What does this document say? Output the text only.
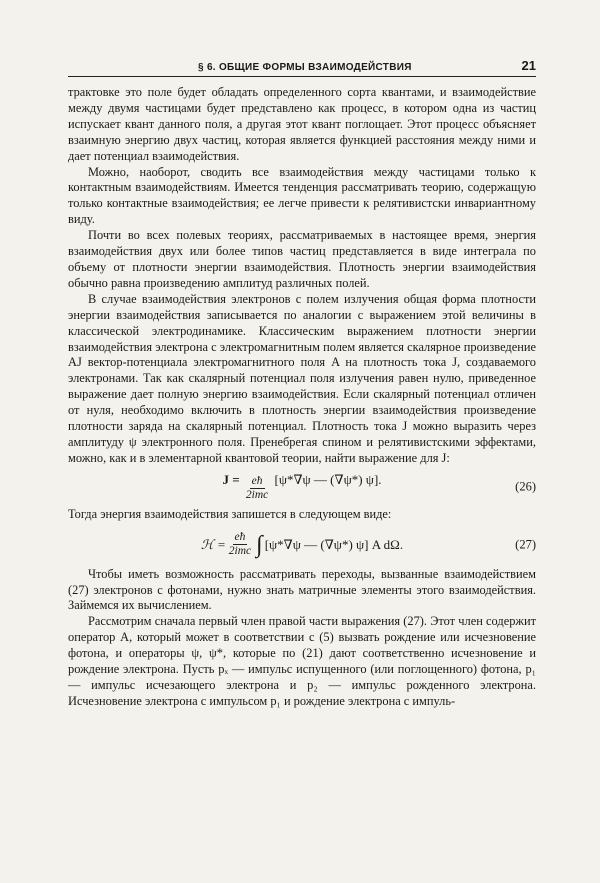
§ 6. ОБЩИЕ ФОРМЫ ВЗАИМОДЕЙСТВИЯ	21

трактовке это поле будет обладать определенного сорта квантами, и взаимодействие между двумя частицами будет представлено как процесс, в котором одна из частиц испускает квант данного поля, а другая этот квант поглощает. Этот процесс объясняет взаимную энергию двух частиц, которая является функцией расстояния между ними и дает потенциал взаимодействия.

Можно, наоборот, сводить все взаимодействия между частицами только к контактным взаимодействиям. Имеется тенденция рассматривать теорию, содержащую только контактные взаимодействия; ее легче привести к релятивистски инвариантному виду.

Почти во всех полевых теориях, рассматриваемых в настоящее время, энергия взаимодействия двух или более типов частиц представляется в виде интеграла по объему от плотности энергии взаимодействия. Плотность энергии взаимодействия обычно равна произведению амплитуд различных полей.

В случае взаимодействия электронов с полем излучения общая форма плотности энергии взаимодействия записывается по аналогии с выражением этой величины в классической электродинамике. Классическим выражением плотности энергии взаимодействия электрона с электромагнитным полем является скалярное произведение AJ вектор-потенциала электромагнитного поля A на плотность тока J, создаваемого электронами. Так как скалярный потенциал поля излучения равен нулю, приведенное выражение дает полную энергию взаимодействия. Если скалярный потенциал отличен от нуля, необходимо включить в плотность энергии взаимодействия произведение плотности заряда на скалярный потенциал. Плотность тока J можно выразить через амплитуду ψ электронного поля. Пренебрегая спином и релятивистскими эффектами, можно, как и в элементарной квантовой теории, найти выражение для J:

$J = \frac{eħ}{\text{2imc}} [\psi*\nabla\psi$ — (∇ψ*) ψ].	(26)

Тогда энергия взаимодействия запишется в следующем виде:

ℋ = $\frac{eħ}{\text{2imc}}$ ∫ [ψ*∇ψ — (∇ψ*) ψ] A dΩ.	(27)

Чтобы иметь возможность рассматривать переходы, вызванные взаимодействием (27) электронов с фотонами, нужно знать матричные элементы этого взаимодействия. Займемся их вычислением.

Рассмотрим сначала первый член правой части выражения (27). Этот член содержит оператор A, который может в соответствии с (5) вызвать рождение или исчезновение фотона, и операторы ψ, ψ*, которые по (21) дают соответственно исчезновение и рождение электрона. Пусть pₓ — импульс испущенного (или поглощенного) фотона, p₁ — импульс исчезающего электрона и p₂ — импульс рожденного электрона. Исчезновение электрона с импульсом p₁ и рождение электрона с импуль-
